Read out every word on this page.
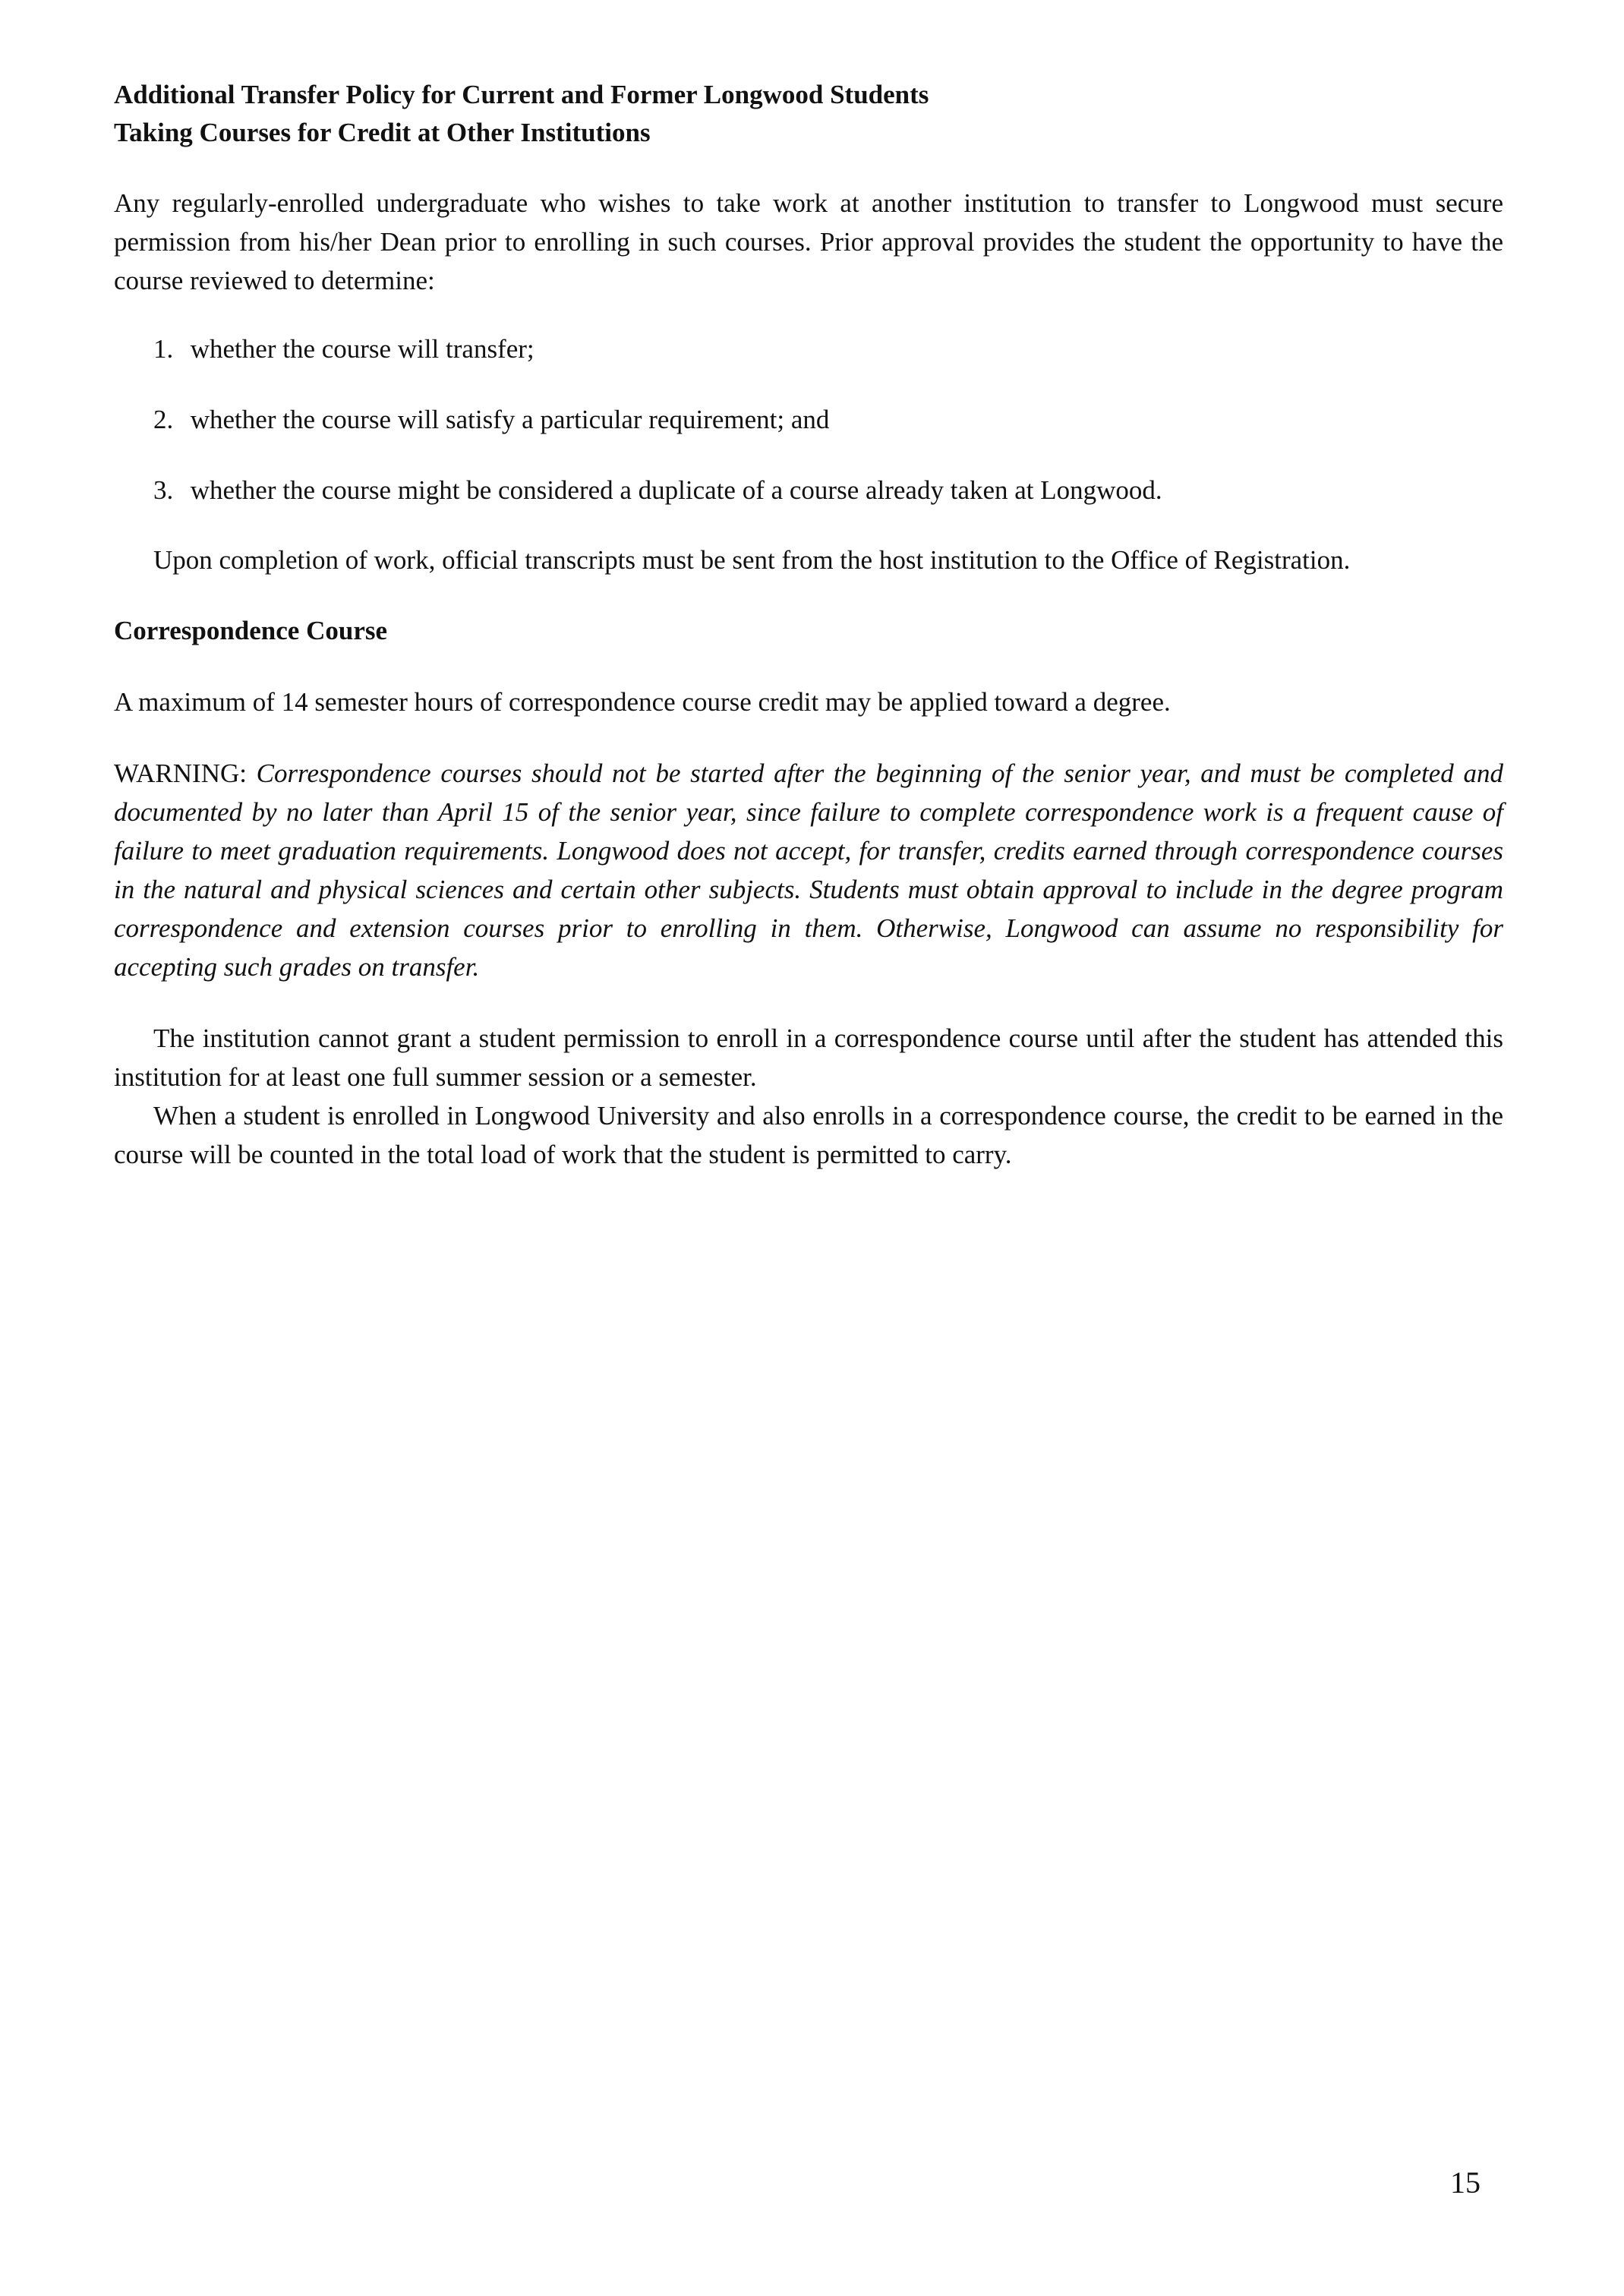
Additional Transfer Policy for Current and Former Longwood Students
Taking Courses for Credit at Other Institutions

Any regularly-enrolled undergraduate who wishes to take work at another institution to transfer to Longwood must secure permission from his/her Dean prior to enrolling in such courses. Prior approval provides the student the opportunity to have the course reviewed to determine:

1. whether the course will transfer;
2. whether the course will satisfy a particular requirement; and
3. whether the course might be considered a duplicate of a course already taken at Longwood.

Upon completion of work, official transcripts must be sent from the host institution to the Office of Registration.

Correspondence Course

A maximum of 14 semester hours of correspondence course credit may be applied toward a degree.

WARNING: Correspondence courses should not be started after the beginning of the senior year, and must be completed and documented by no later than April 15 of the senior year, since failure to complete correspondence work is a frequent cause of failure to meet graduation requirements. Longwood does not accept, for transfer, credits earned through correspondence courses in the natural and physical sciences and certain other subjects. Students must obtain approval to include in the degree program correspondence and extension courses prior to enrolling in them. Otherwise, Longwood can assume no responsibility for accepting such grades on transfer.

The institution cannot grant a student permission to enroll in a correspondence course until after the student has attended this institution for at least one full summer session or a semester.

When a student is enrolled in Longwood University and also enrolls in a correspondence course, the credit to be earned in the course will be counted in the total load of work that the student is permitted to carry.

15
